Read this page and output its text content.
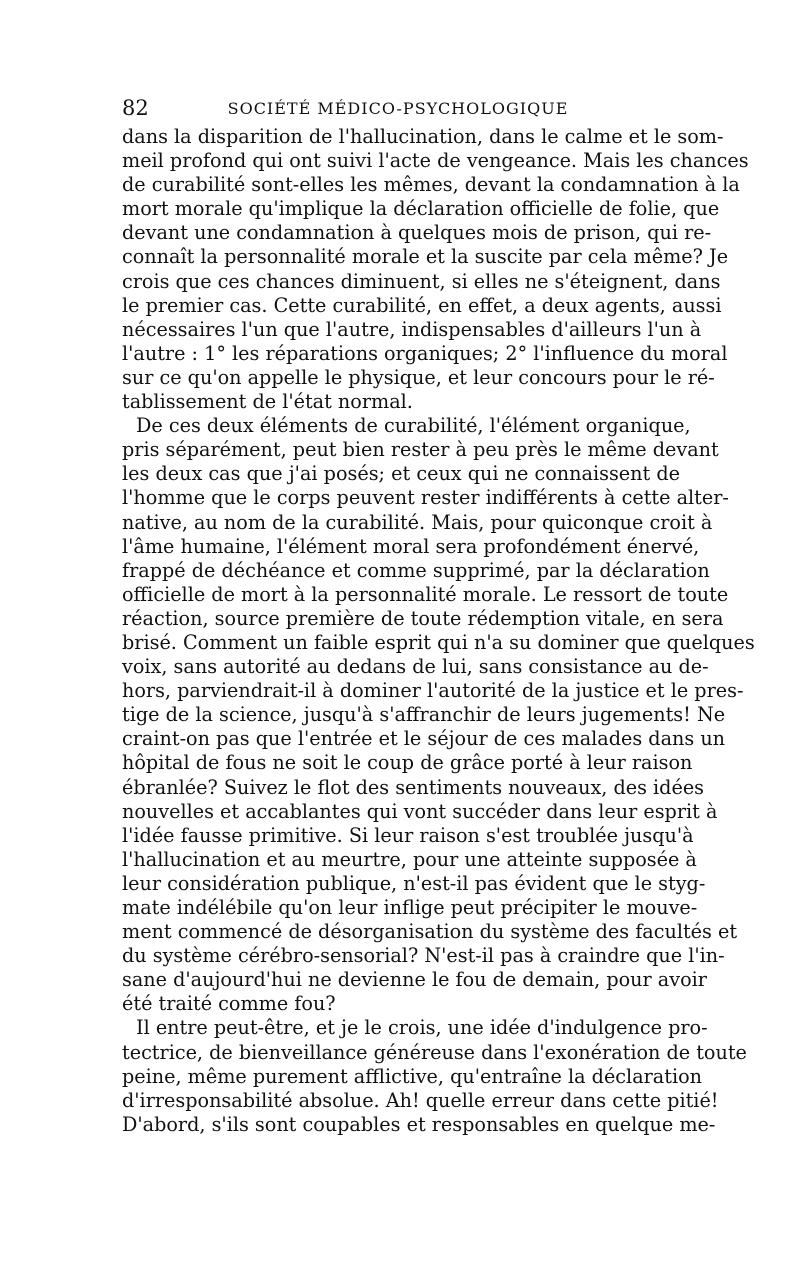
82	SOCIÉTÉ MÉDICO-PSYCHOLOGIQUE
dans la disparition de l'hallucination, dans le calme et le som-
meil profond qui ont suivi l'acte de vengeance. Mais les chances
de curabilité sont-elles les mêmes, devant la condamnation à la
mort morale qu'implique la déclaration officielle de folie, que
devant une condamnation à quelques mois de prison, qui re-
connaît la personnalité morale et la suscite par cela même? Je
crois que ces chances diminuent, si elles ne s'éteignent, dans
le premier cas. Cette curabilité, en effet, a deux agents, aussi
nécessaires l'un que l'autre, indispensables d'ailleurs l'un à
l'autre : 1° les réparations organiques; 2° l'influence du moral
sur ce qu'on appelle le physique, et leur concours pour le ré-
tablissement de l'état normal.
De ces deux éléments de curabilité, l'élément organique,
pris séparément, peut bien rester à peu près le même devant
les deux cas que j'ai posés; et ceux qui ne connaissent de
l'homme que le corps peuvent rester indifférents à cette alter-
native, au nom de la curabilité. Mais, pour quiconque croit à
l'âme humaine, l'élément moral sera profondément énervé,
frappé de déchéance et comme supprimé, par la déclaration
officielle de mort à la personnalité morale. Le ressort de toute
réaction, source première de toute rédemption vitale, en sera
brisé. Comment un faible esprit qui n'a su dominer que quelques
voix, sans autorité au dedans de lui, sans consistance au de-
hors, parviendrait-il à dominer l'autorité de la justice et le pres-
tige de la science, jusqu'à s'affranchir de leurs jugements! Ne
craint-on pas que l'entrée et le séjour de ces malades dans un
hôpital de fous ne soit le coup de grâce porté à leur raison
ébranlée? Suivez le flot des sentiments nouveaux, des idées
nouvelles et accablantes qui vont succéder dans leur esprit à
l'idée fausse primitive. Si leur raison s'est troublée jusqu'à
l'hallucination et au meurtre, pour une atteinte supposée à
leur considération publique, n'est-il pas évident que le styg-
mate indélébile qu'on leur inflige peut précipiter le mouve-
ment commencé de désorganisation du système des facultés et
du système cérébro-sensorial? N'est-il pas à craindre que l'in-
sane d'aujourd'hui ne devienne le fou de demain, pour avoir
été traité comme fou?
Il entre peut-être, et je le crois, une idée d'indulgence pro-
tectrice, de bienveillance généreuse dans l'exonération de toute
peine, même purement afflictive, qu'entraîne la déclaration
d'irresponsabilité absolue. Ah! quelle erreur dans cette pitié!
D'abord, s'ils sont coupables et responsables en quelque me-
